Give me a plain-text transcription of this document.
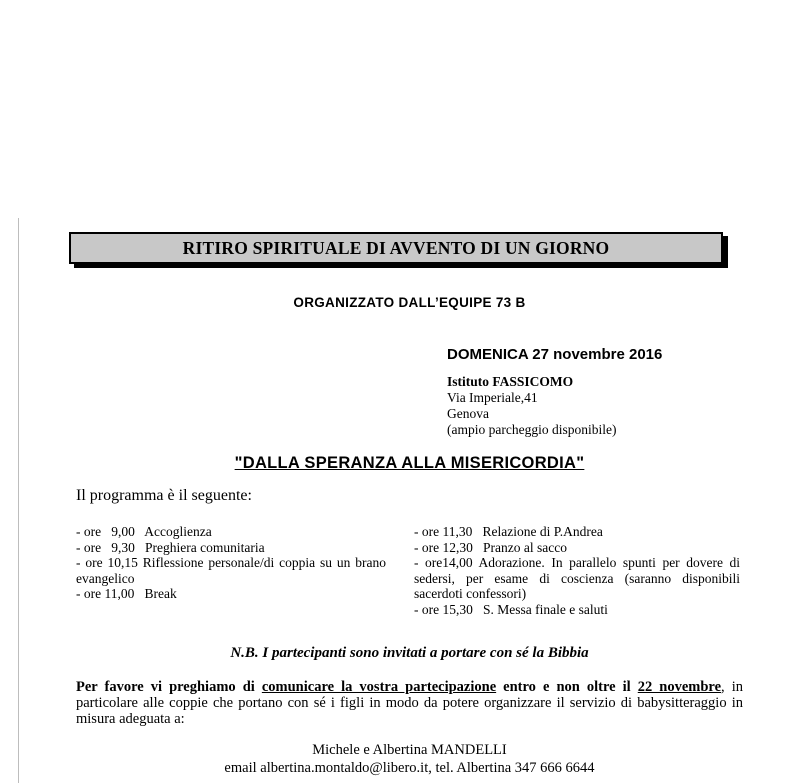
RITIRO SPIRITUALE DI AVVENTO DI UN GIORNO
ORGANIZZATO DALL’EQUIPE 73 B
DOMENICA 27 novembre 2016
Istituto FASSICOMO
Via Imperiale,41
Genova
(ampio parcheggio disponibile)
"DALLA SPERANZA ALLA MISERICORDIA"
Il programma è il seguente:
- ore   9,00   Accoglienza
- ore   9,30   Preghiera comunitaria
- ore 10,15 Riflessione personale/di coppia su un brano evangelico
- ore 11,00   Break
- ore 11,30   Relazione di P.Andrea
- ore 12,30   Pranzo al sacco
- ore14,00 Adorazione. In parallelo spunti per dovere di sedersi, per esame di coscienza (saranno disponibili sacerdoti confessori)
- ore 15,30   S. Messa finale e saluti
N.B. I partecipanti sono invitati a portare con sé la Bibbia
Per favore vi preghiamo di comunicare la vostra partecipazione entro e non oltre il 22 novembre, in particolare alle coppie che portano con sé i figli in modo da potere organizzare il servizio di babysitteraggio in misura adeguata a:
Michele e Albertina MANDELLI
email albertina.montaldo@libero.it, tel. Albertina 347 666 6644
